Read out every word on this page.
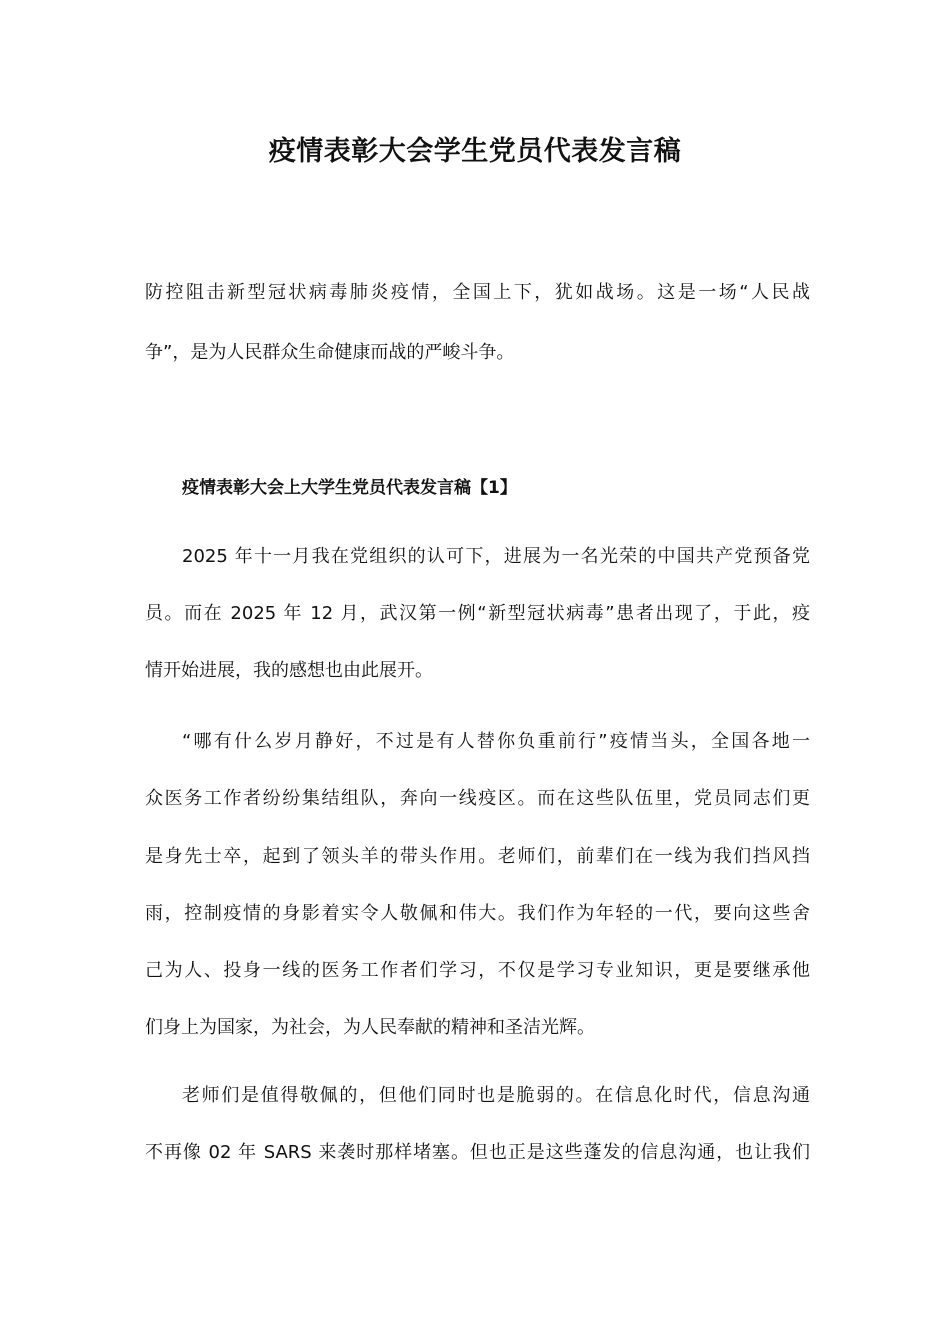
疫情表彰大会学生党员代表发言稿
防控阻击新型冠状病毒肺炎疫情，全国上下，犹如战场。这是一场“人民战
争”，是为人民群众生命健康而战的严峻斗争。
疫情表彰大会上大学生党员代表发言稿【1】
2025 年十一月我在党组织的认可下，进展为一名光荣的中国共产党预备党
员。而在 2025 年 12 月，武汉第一例“新型冠状病毒”患者出现了，于此，疫
情开始进展，我的感想也由此展开。
“哪有什么岁月静好，不过是有人替你负重前行”疫情当头，全国各地一
众医务工作者纷纷集结组队，奔向一线疫区。而在这些队伍里，党员同志们更
是身先士卒，起到了领头羊的带头作用。老师们，前辈们在一线为我们挡风挡
雨，控制疫情的身影着实令人敬佩和伟大。我们作为年轻的一代，要向这些舍
己为人、投身一线的医务工作者们学习，不仅是学习专业知识，更是要继承他
们身上为国家，为社会，为人民奉献的精神和圣洁光辉。
老师们是值得敬佩的，但他们同时也是脆弱的。在信息化时代，信息沟通
不再像 02 年 SARS 来袭时那样堵塞。但也正是这些蓬发的信息沟通，也让我们
